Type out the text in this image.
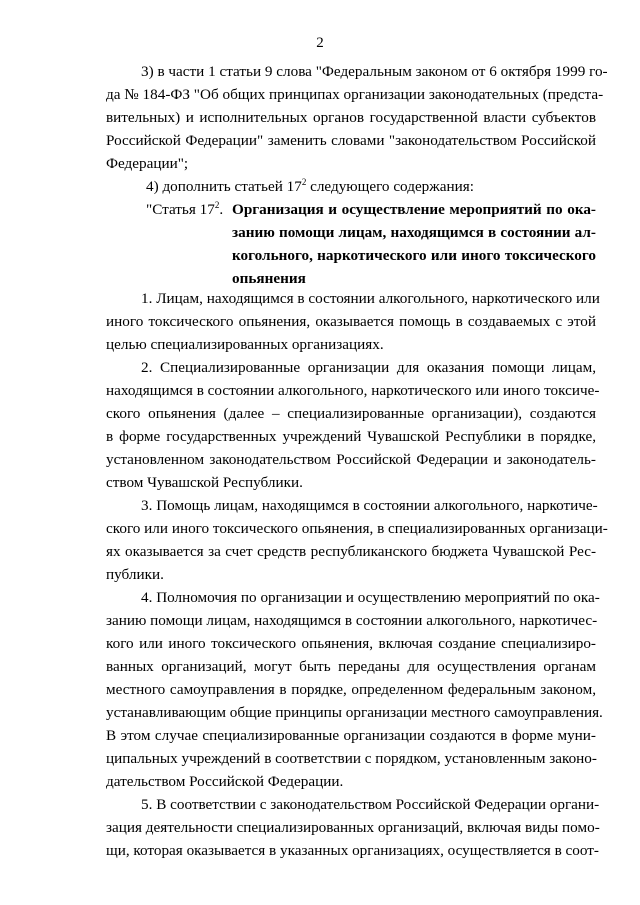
2
3) в части 1 статьи 9 слова "Федеральным законом от 6 октября 1999 го-
да № 184-ФЗ "Об общих принципах организации законодательных (предста-
вительных) и исполнительных органов государственной власти субъектов
Российской Федерации" заменить словами "законодательством Российской
Федерации";
4) дополнить статьей $17^2$ следующего содержания:
"Статья $17^2$. Организация и осуществление мероприятий по ока-
занию помощи лицам, находящимся в состоянии ал-
когольного, наркотического или иного токсического
опьянения
1. Лицам, находящимся в состоянии алкогольного, наркотического или
иного токсического опьянения, оказывается помощь в создаваемых с этой
целью специализированных организациях.
2. Специализированные организации для оказания помощи лицам,
находящимся в состоянии алкогольного, наркотического или иного токсиче-
ского опьянения (далее – специализированные организации), создаются
в форме государственных учреждений Чувашской Республики в порядке,
установленном законодательством Российской Федерации и законодатель-
ством Чувашской Республики.
3. Помощь лицам, находящимся в состоянии алкогольного, наркотиче-
ского или иного токсического опьянения, в специализированных организаци-
ях оказывается за счет средств республиканского бюджета Чувашской Рес-
публики.
4. Полномочия по организации и осуществлению мероприятий по ока-
занию помощи лицам, находящимся в состоянии алкогольного, наркотичес-
кого или иного токсического опьянения, включая создание специализиро-
ванных организаций, могут быть переданы для осуществления органам
местного самоуправления в порядке, определенном федеральным законом,
устанавливающим общие принципы организации местного самоуправления.
В этом случае специализированные организации создаются в форме муни-
ципальных учреждений в соответствии с порядком, установленным законо-
дательством Российской Федерации.
5. В соответствии с законодательством Российской Федерации органи-
зация деятельности специализированных организаций, включая виды помо-
щи, которая оказывается в указанных организациях, осуществляется в соот-
